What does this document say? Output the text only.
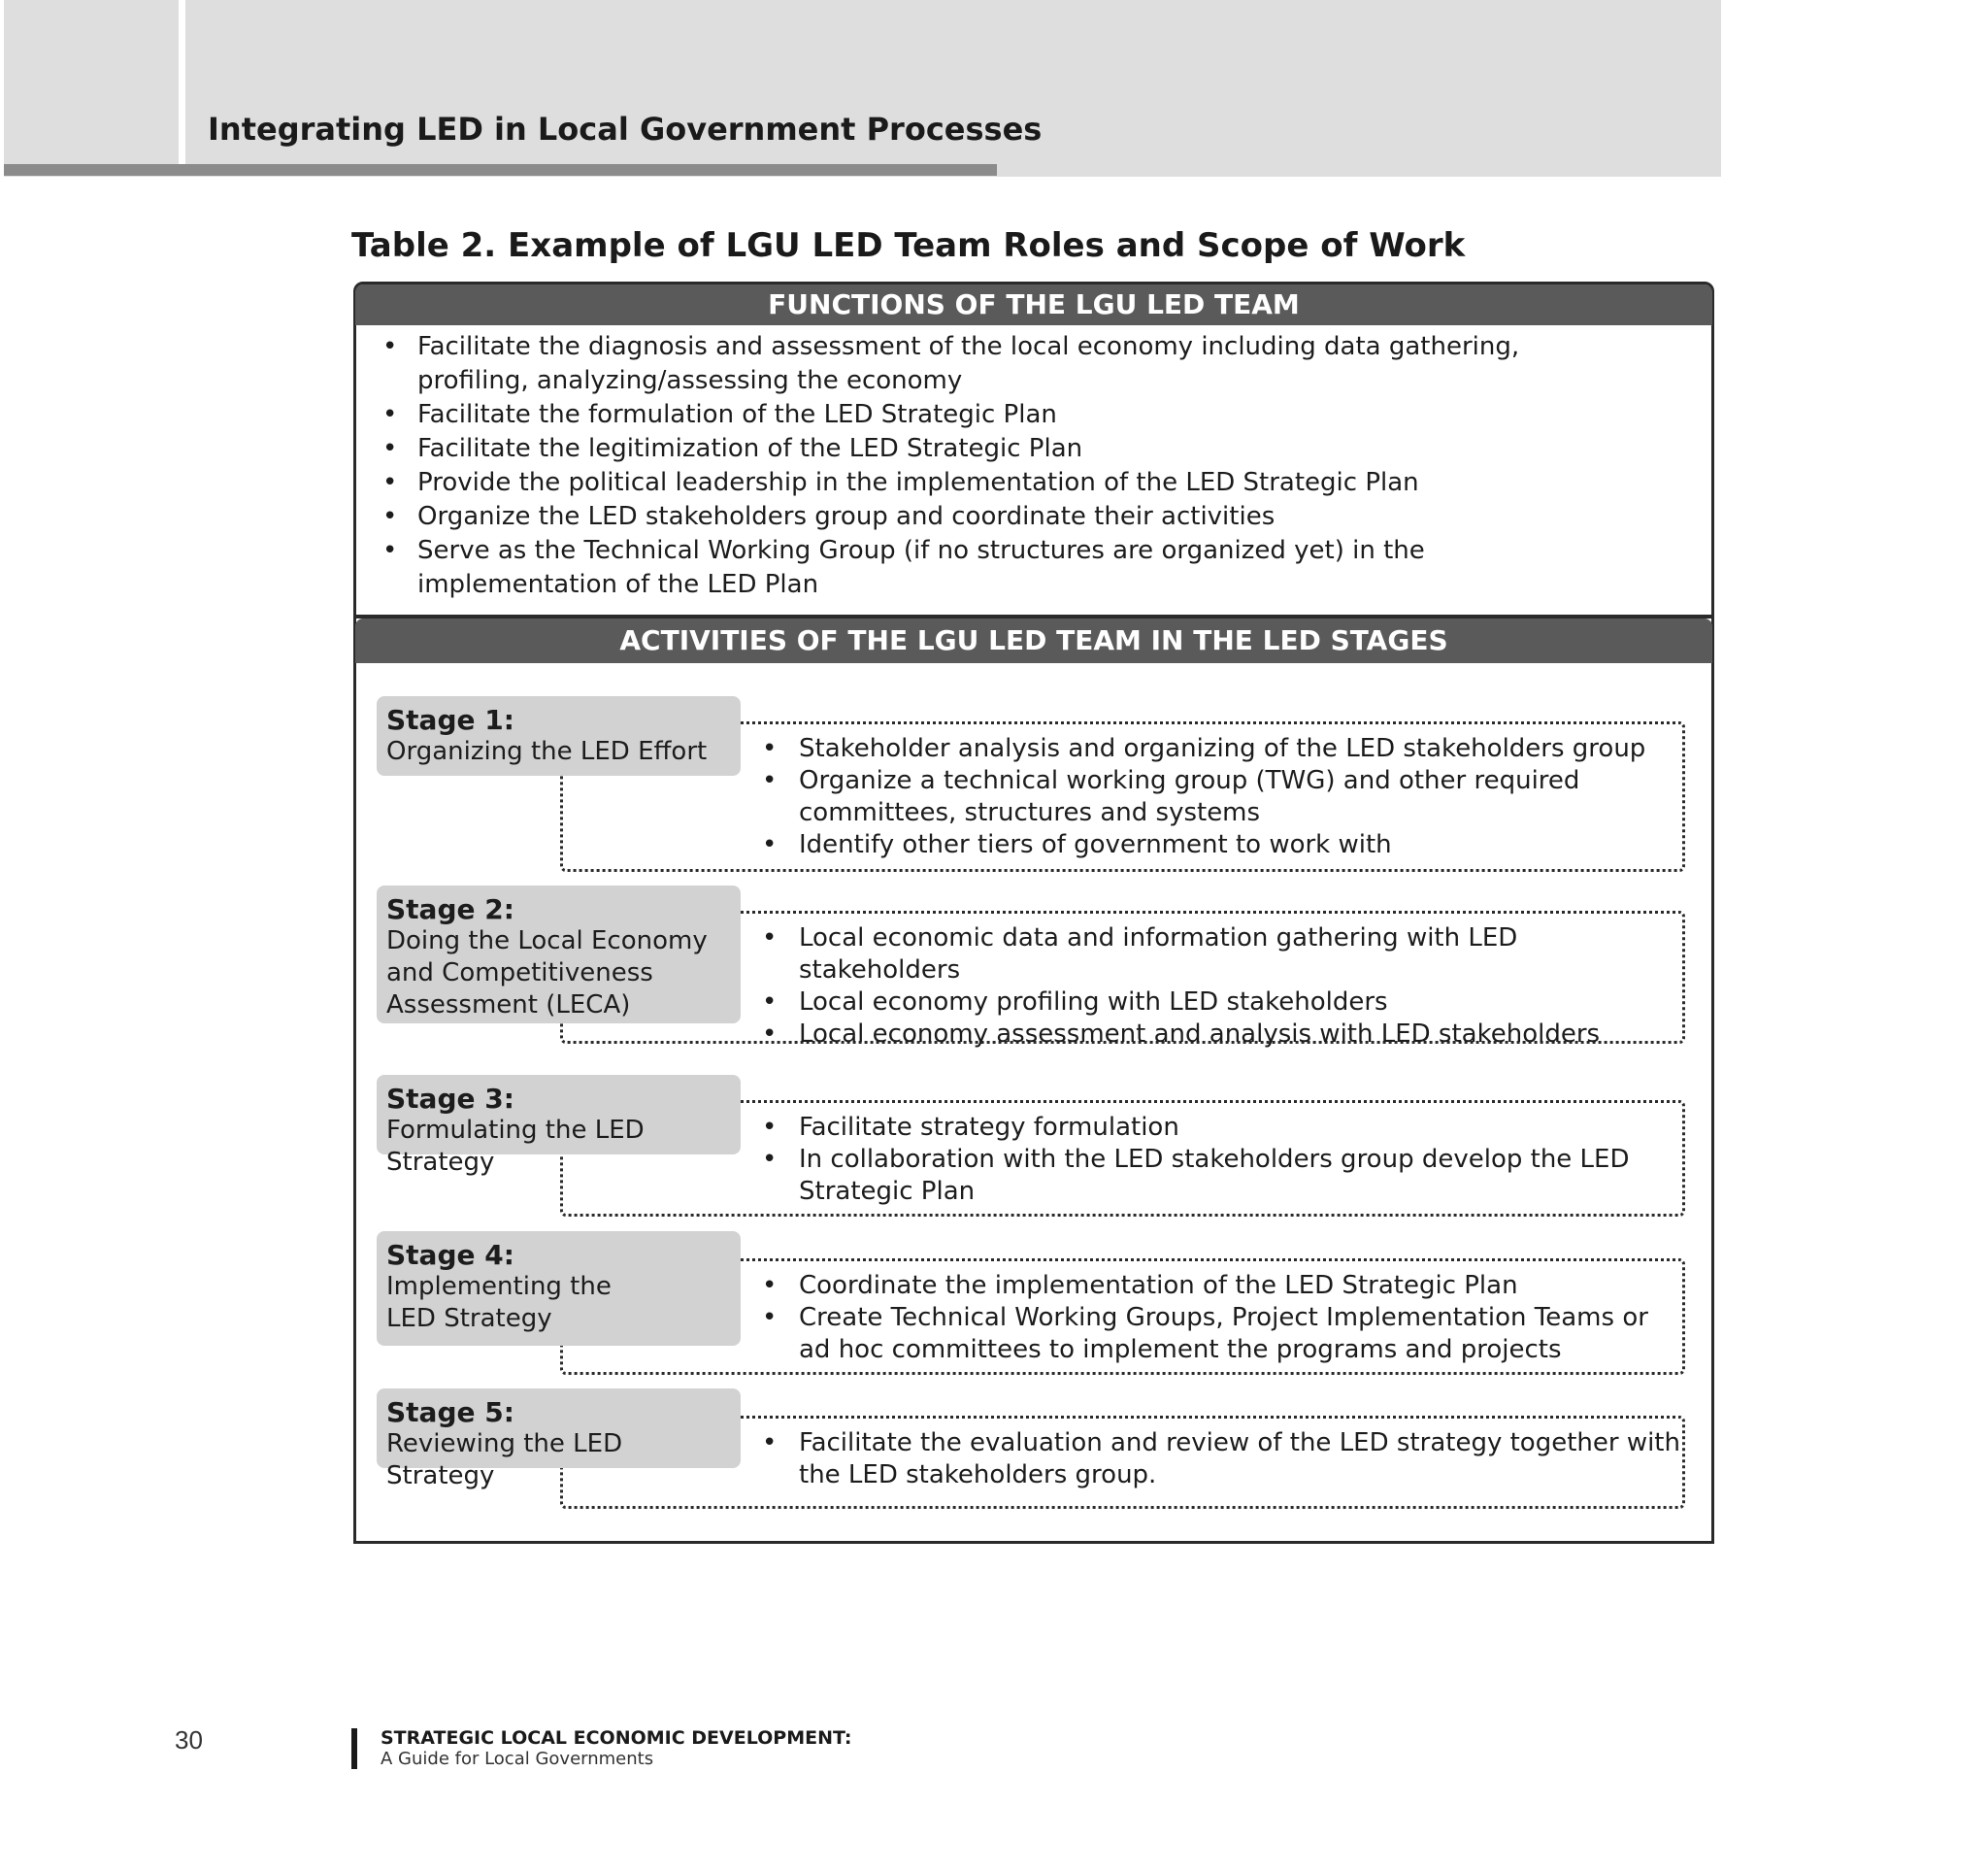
Integrating LED in Local Government Processes
Table 2. Example of LGU LED Team Roles and Scope of Work
FUNCTIONS OF THE LGU LED TEAM
• Facilitate the diagnosis and assessment of the local economy including data gathering, profiling, analyzing/assessing the economy
• Facilitate the formulation of the LED Strategic Plan
• Facilitate the legitimization of the LED Strategic Plan
• Provide the political leadership in the implementation of the LED Strategic Plan
• Organize the LED stakeholders group and coordinate their activities
• Serve as the Technical Working Group (if no structures are organized yet) in the implementation of the LED Plan
ACTIVITIES OF THE LGU LED TEAM IN THE LED STAGES
Stage 1:
Organizing the LED Effort
•	Stakeholder analysis and organizing of the LED stakeholders group
• Organize a technical working group (TWG) and other required committees, structures and systems
• Identify other tiers of government to work with
Stage 2:
Doing the Local Economy
and Competitiveness
Assessment (LECA)
• Local economic data and information gathering with LED stakeholders
• Local economy profiling with LED stakeholders
• Local economy assessment and analysis with LED stakeholders
Stage 3:
Formulating the LED Strategy
• Facilitate strategy formulation
• In collaboration with the LED stakeholders group develop the LED Strategic Plan
Stage 4:
Implementing the
LED Strategy
• Coordinate the implementation of the LED Strategic Plan
• Create Technical Working Groups, Project Implementation Teams or ad hoc committees to implement the programs and projects
Stage 5:
Reviewing the LED Strategy
• Facilitate the evaluation and review of the LED strategy together with the LED stakeholders group.

30	STRATEGIC LOCAL ECONOMIC DEVELOPMENT:

A Guide for Local Governments
